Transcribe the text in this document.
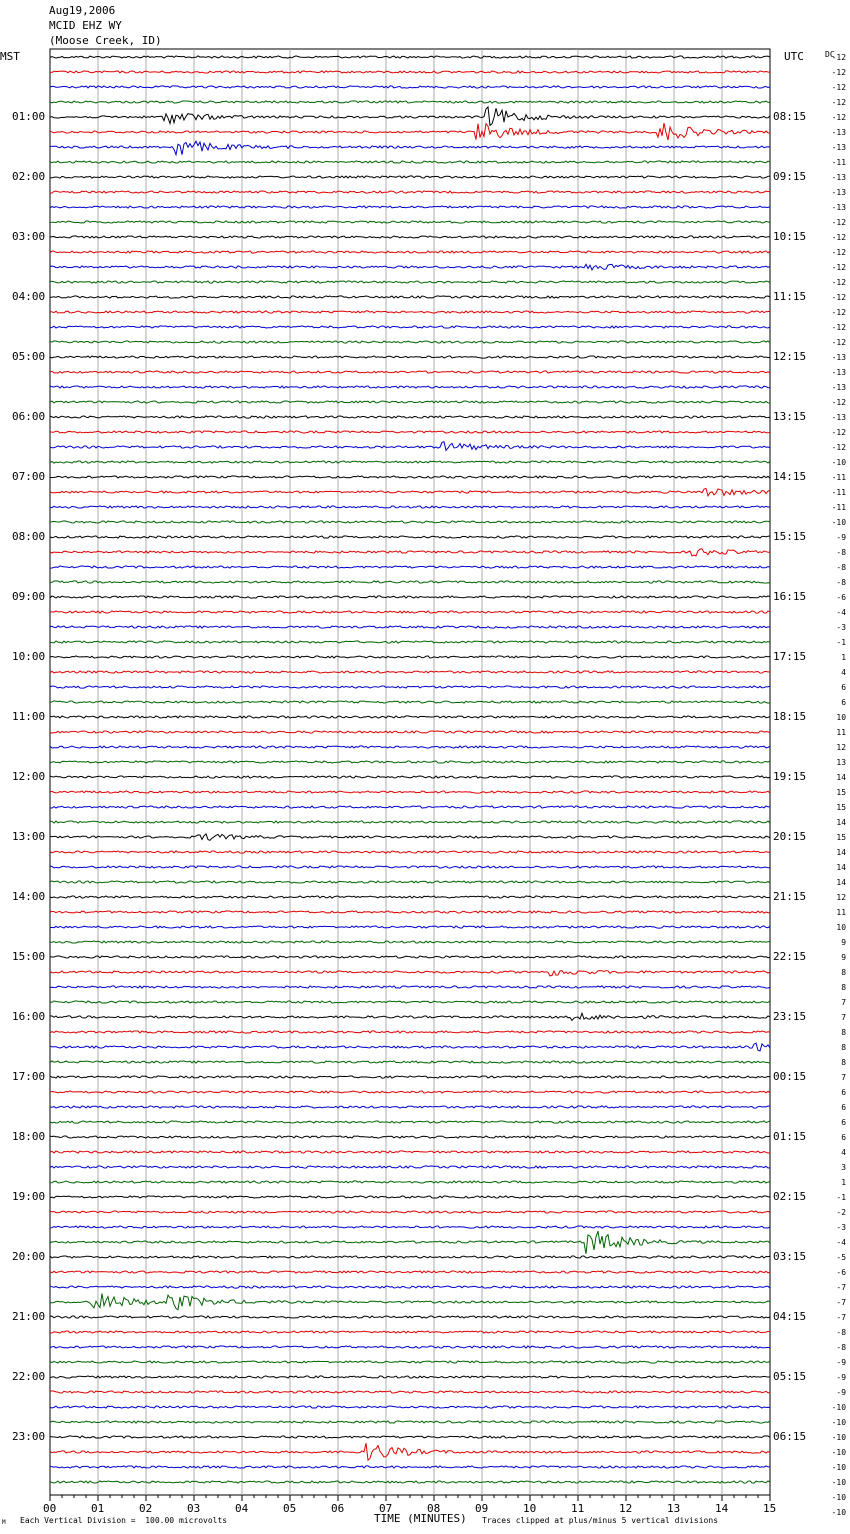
Aug19,2006
MCID EHZ WY
(Moose Creek, ID)
MST	UTC	DC
01:00
02:00
03:00
04:00
05:00
06:00
07:00
08:00
09:00
10:00
11:00
12:00
13:00
14:00
15:00
16:00
17:00
18:00
19:00
20:00
21:00
22:00
23:00
08:15
09:15
10:15
11:15
12:15
13:15
14:15
15:15
16:15
17:15
18:15
19:15
20:15
21:15
22:15
23:15
00:15
01:15
02:15
03:15
04:15
05:15
06:15
-12
-12
-12
-12
-12
-13
-13
-11
-13
-13
-13
-12
-12
-12
-12
-12
-12
-12
-12
-12
-13
-13
-13
-12
-13
-12
-12
-10
-11
-11
-11
-10
-9
-8
-8
-8
-6
-4
-3
-1
1
4
6
6
10
11
12
13
14
15
15
14
15
14
14
14
12
11
10
9
9
8
8
7
7
8
8
8
7
6
6
6
6
4
3
1
-1
-2
-3
-4
-5
-6
-7
-7
-7
-8
-8
-9
-9
-9
-10
-10
-10
-10
-10
-10
-10
-10
00	01	02	03	04	05	06	07	08	09	10	11	12	13	14	15
TIME (MINUTES)
Each Vertical Division =  100.00 microvolts	Traces clipped at plus/minus 5 vertical divisions
M
